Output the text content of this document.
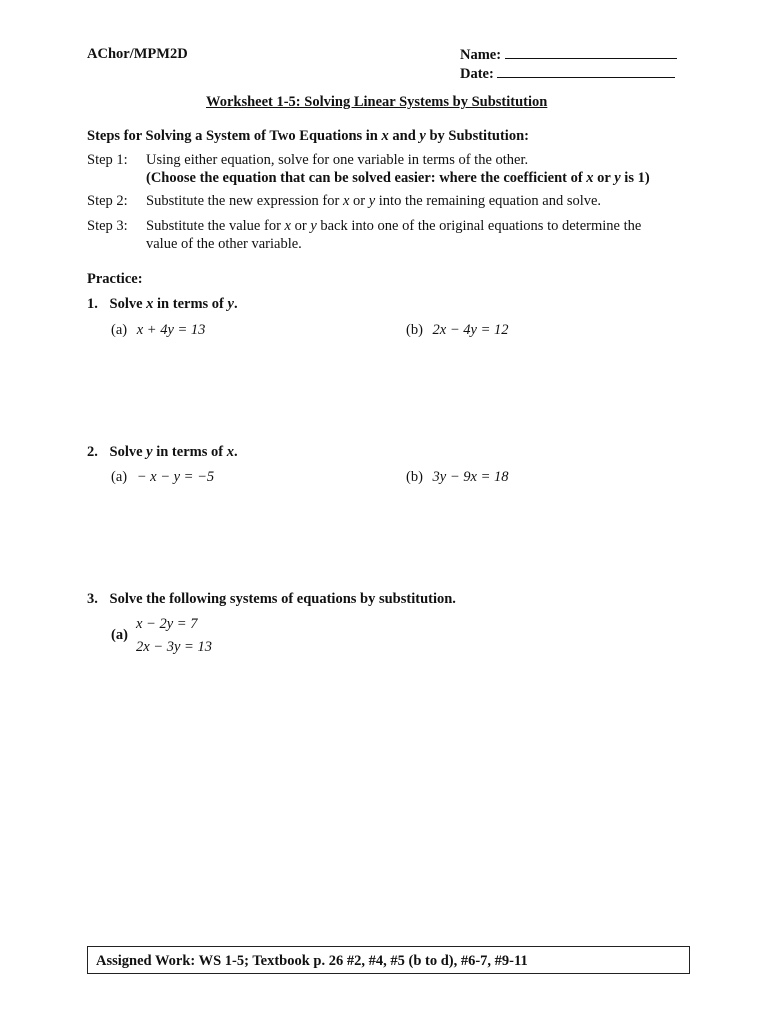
AChor/MPM2D	Name:
Date:
Worksheet 1-5: Solving Linear Systems by Substitution
Steps for Solving a System of Two Equations in x and y by Substitution:
Step 1: Using either equation, solve for one variable in terms of the other.
(Choose the equation that can be solved easier: where the coefficient of x or y is 1)
Step 2: Substitute the new expression for x or y into the remaining equation and solve.
Step 3: Substitute the value for x or y back into one of the original equations to determine the
value of the other variable.
Practice:
1. Solve x in terms of y.
(a) x + 4y = 13	(b) 2x − 4y = 12
2. Solve y in terms of x.
(a) − x − y = −5	(b) 3y − 9x = 18
3. Solve the following systems of equations by substitution.
(a)
x − 2y = 7
2x − 3y = 13
Assigned Work: WS 1-5; Textbook p. 26 #2, #4, #5 (b to d), #6-7, #9-11
